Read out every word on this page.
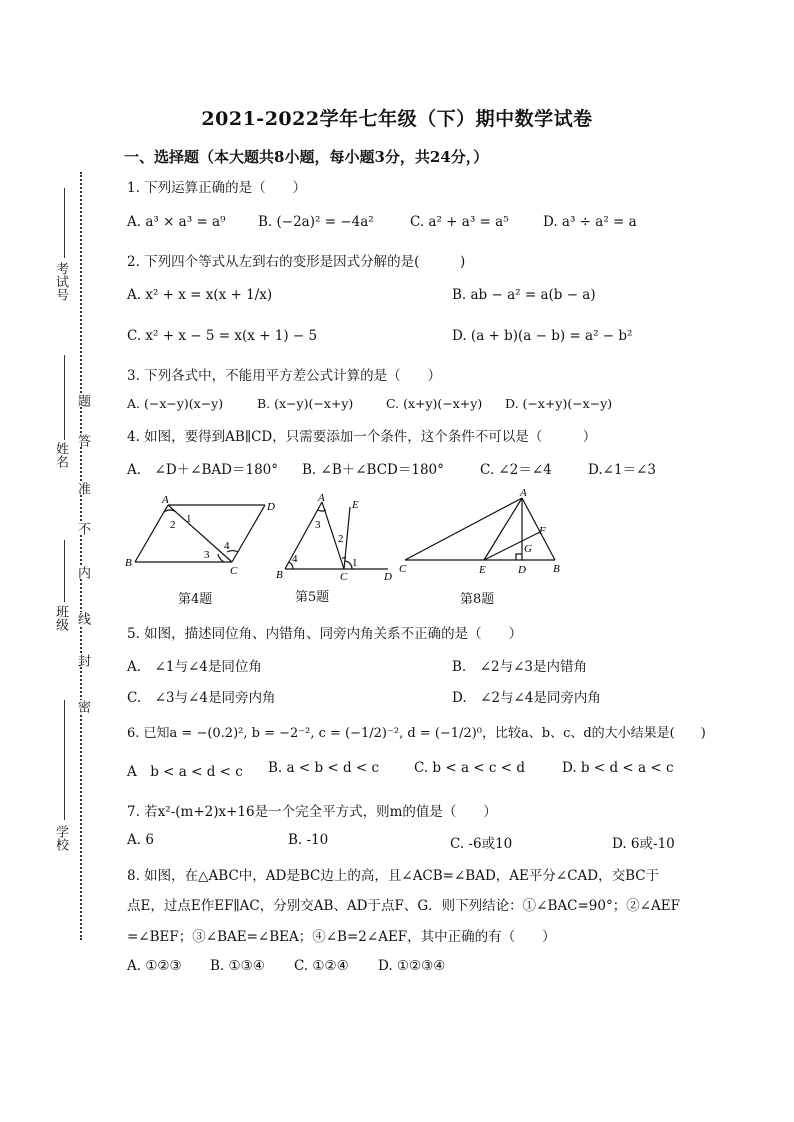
2021-2022学年七年级（下）期中数学试卷
一、选择题（本大题共8小题，每小题3分，共24分，）
考试号
姓名
班级
学校
题
答
准
不
内
线
封
密
1. 下列运算正确的是（　　）
A. a³ × a³ = a⁹ B. (−2a)² = −4a²	C. a² + a³ = a⁵	D. a³ ÷ a² = a
2. 下列四个等式从左到右的变形是因式分解的是(　　　)
A. x² + x = x(x + 1/x)	B. ab − a² = a(b − a)
C. x² + x − 5 = x(x + 1) − 5	D. (a + b)(a − b) = a² − b²
3. 下列各式中，不能用平方差公式计算的是（　　）
A. (−x−y)(x−y)	B. (x−y)(−x+y)	C. (x+y)(−x+y) D. (−x+y)(−x−y)
4. 如图，要得到AB∥CD，只需要添加一个条件，这个条件不可以是（　　　）
A.　∠D＋∠BAD＝180° B. ∠B＋∠BCD＝180°	C. ∠2＝∠4	D.∠1＝∠3
A
D
B
C
1
2
3
4
第4题
A
E
B	C	D
1
2
3
4
第5题
A
F
G
C	E	D B
第8题
5. 如图，描述同位角、内错角、同旁内角关系不正确的是（　　）
A.　∠1与∠4是同位角	B.　∠2与∠3是内错角
C.　∠3与∠4是同旁内角	D.　∠2与∠4是同旁内角
6. 已知a = −(0.2)², b = −2⁻², c = (−1/2)⁻², d = (−1/2)⁰，比较a、b、c、d的大小结果是(　　)
A　b < a < d < c B. a < b < d < c	C. b < a < c < d	D. b < d < a < c
7. 若x²-(m+2)x+16是一个完全平方式，则m的值是（　　）
A. 6	B. -10	C. -6或10	D. 6或-10
8. 如图，在△ABC中，AD是BC边上的高，且∠ACB=∠BAD，AE平分∠CAD，交BC于
点E，过点E作EF∥AC，分别交AB、AD于点F、G．则下列结论：①∠BAC=90°；②∠AEF
=∠BEF；③∠BAE=∠BEA；④∠B=2∠AEF，其中正确的有（　　）
A. ①②③ B. ①③④ C. ①②④ D. ①②③④
